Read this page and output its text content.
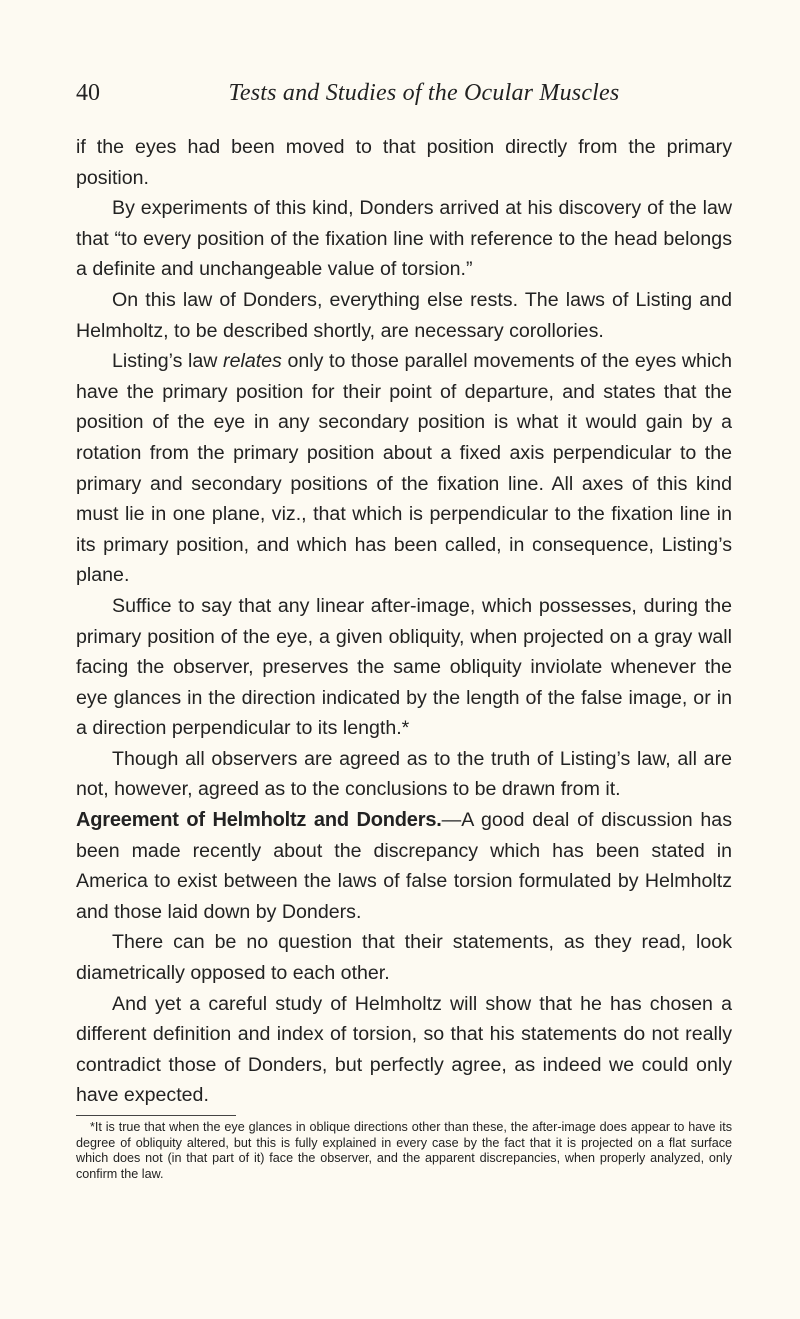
40	Tests and Studies of the Ocular Muscles

if the eyes had been moved to that position directly from the primary position.

By experiments of this kind, Donders arrived at his discovery of the law that “to every position of the fixation line with reference to the head belongs a definite and unchangeable value of torsion.”

On this law of Donders, everything else rests. The laws of Listing and Helmholtz, to be described shortly, are necessary corollories.

Listing’s law relates only to those parallel movements of the eyes which have the primary position for their point of departure, and states that the position of the eye in any secondary position is what it would gain by a rotation from the primary position about a fixed axis perpendicular to the primary and secondary positions of the fixation line. All axes of this kind must lie in one plane, viz., that which is perpendicular to the fixation line in its primary position, and which has been called, in consequence, Listing’s plane.

Suffice to say that any linear after-image, which possesses, during the primary position of the eye, a given obliquity, when projected on a gray wall facing the observer, preserves the same obliquity inviolate whenever the eye glances in the direction indicated by the length of the false image, or in a direction perpendicular to its length.*

Though all observers are agreed as to the truth of Listing’s law, all are not, however, agreed as to the conclusions to be drawn from it.

Agreement of Helmholtz and Donders.—A good deal of discussion has been made recently about the discrepancy which has been stated in America to exist between the laws of false torsion formulated by Helmholtz and those laid down by Donders.

There can be no question that their statements, as they read, look diametrically opposed to each other.

And yet a careful study of Helmholtz will show that he has chosen a different definition and index of torsion, so that his statements do not really contradict those of Donders, but perfectly agree, as indeed we could only have expected.

*It is true that when the eye glances in oblique directions other than these, the after-image does appear to have its degree of obliquity altered, but this is fully explained in every case by the fact that it is projected on a flat surface which does not (in that part of it) face the observer, and the apparent discrepancies, when properly analyzed, only confirm the law.
